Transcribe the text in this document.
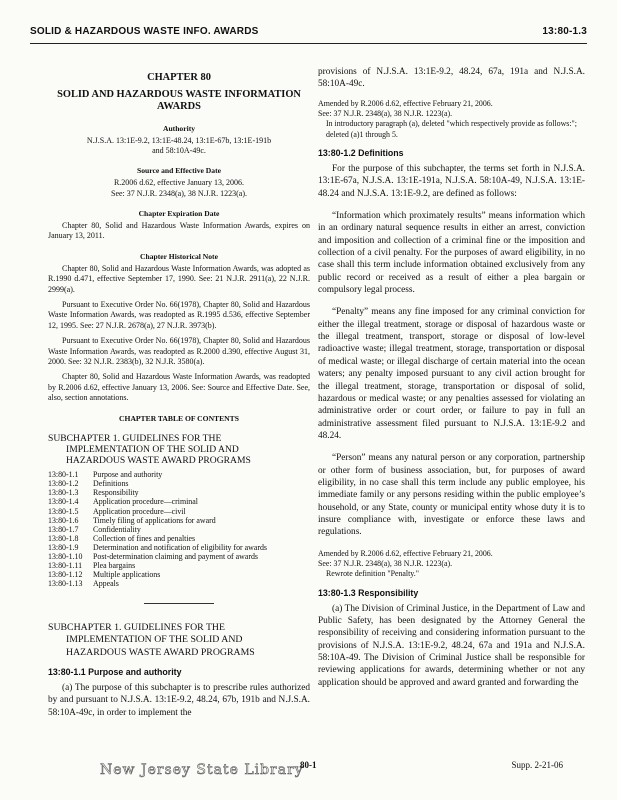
SOLID & HAZARDOUS WASTE INFO. AWARDS	13:80-1.3
CHAPTER 80
SOLID AND HAZARDOUS WASTE INFORMATION AWARDS
Authority
N.J.S.A. 13:1E-9.2, 13:1E-48.24, 13:1E-67b, 13:1E-191b and 58:10A-49c.
Source and Effective Date
R.2006 d.62, effective January 13, 2006.
See: 37 N.J.R. 2348(a), 38 N.J.R. 1223(a).
Chapter Expiration Date
Chapter 80, Solid and Hazardous Waste Information Awards, expires on January 13, 2011.
Chapter Historical Note

Chapter 80, Solid and Hazardous Waste Information Awards, was adopted as R.1990 d.471, effective September 17, 1990. See: 21 N.J.R. 2911(a), 22 N.J.R. 2999(a).

Pursuant to Executive Order No. 66(1978), Chapter 80, Solid and Hazardous Waste Information Awards, was readopted as R.1995 d.536, effective September 12, 1995. See: 27 N.J.R. 2678(a), 27 N.J.R. 3973(b).

Pursuant to Executive Order No. 66(1978), Chapter 80, Solid and Hazardous Waste Information Awards, was readopted as R.2000 d.390, effective August 31, 2000. See: 32 N.J.R. 2383(b), 32 N.J.R. 3580(a).

Chapter 80, Solid and Hazardous Waste Information Awards, was readopted by R.2006 d.62, effective January 13, 2006. See: Source and Effective Date. See, also, section annotations.

CHAPTER TABLE OF CONTENTS
SUBCHAPTER 1. GUIDELINES FOR THE
IMPLEMENTATION OF THE SOLID AND
HAZARDOUS WASTE AWARD PROGRAMS
13:80-1.1	Purpose and authority
13:80-1.2	Definitions
13:80-1.3	Responsibility
13:80-1.4	Application procedure—criminal
13:80-1.5	Application procedure—civil
13:80-1.6	Timely filing of applications for award
13:80-1.7	Confidentiality
13:80-1.8	Collection of fines and penalties
13:80-1.9	Determination and notification of eligibility for awards
13:80-1.10	Post-determination claiming and payment of awards
13:80-1.11	Plea bargains
13:80-1.12	Multiple applications
13:80-1.13	Appeals
SUBCHAPTER 1. GUIDELINES FOR THE
IMPLEMENTATION OF THE SOLID AND
HAZARDOUS WASTE AWARD PROGRAMS
13:80-1.1 Purpose and authority
(a) The purpose of this subchapter is to prescribe rules authorized by and pursuant to N.J.S.A. 13:1E-9.2, 48.24, 67b, 191b and N.J.S.A. 58:10A-49c, in order to implement the
provisions of N.J.S.A. 13:1E-9.2, 48.24, 67a, 191a and N.J.S.A. 58:10A-49c.
Amended by R.2006 d.62, effective February 21, 2006.
See: 37 N.J.R. 2348(a), 38 N.J.R. 1223(a).
In introductory paragraph (a), deleted "which respectively provide as follows:"; deleted (a)1 through 5.
13:80-1.2 Definitions
For the purpose of this subchapter, the terms set forth in N.J.S.A. 13:1E-67a, N.J.S.A. 13:1E-191a, N.J.S.A. 58:10A-49, N.J.S.A. 13:1E-48.24 and N.J.S.A. 13:1E-9.2, are defined as follows:
“Information which proximately results” means information which in an ordinary natural sequence results in either an arrest, conviction and imposition and collection of a criminal fine or the imposition and collection of a civil penalty. For the purposes of award eligibility, in no case shall this term include information obtained exclusively from any public record or received as a result of either a plea bargain or compulsory legal process.
“Penalty” means any fine imposed for any criminal conviction for either the illegal treatment, storage or disposal of hazardous waste or the illegal treatment, transport, storage or disposal of low-level radioactive waste; illegal treatment, storage, transportation or disposal of medical waste; or illegal discharge of certain material into the ocean waters; any penalty imposed pursuant to any civil action brought for the illegal treatment, storage, transportation or disposal of solid, hazardous or medical waste; or any penalties assessed for violating an administrative order or court order, or failure to pay in full an administrative assessment filed pursuant to N.J.S.A. 13:1E-9.2 and 48.24.
“Person” means any natural person or any corporation, partnership or other form of business association, but, for purposes of award eligibility, in no case shall this term include any public employee, his immediate family or any persons residing within the public employee’s household, or any State, county or municipal entity whose duty it is to insure compliance with, investigate or enforce these laws and regulations.
Amended by R.2006 d.62, effective February 21, 2006.
See: 37 N.J.R. 2348(a), 38 N.J.R. 1223(a).
Rewrote definition "Penalty."
13:80-1.3 Responsibility
(a) The Division of Criminal Justice, in the Department of Law and Public Safety, has been designated by the Attorney General the responsibility of receiving and considering information pursuant to the provisions of N.J.S.A. 13:1E-9.2, 48.24, 67a and 191a and N.J.S.A. 58:10A-49. The Division of Criminal Justice shall be responsible for reviewing applications for awards, determining whether or not any application should be approved and award granted and forwarding the
New Jersey State Library
80-1	Supp. 2-21-06
